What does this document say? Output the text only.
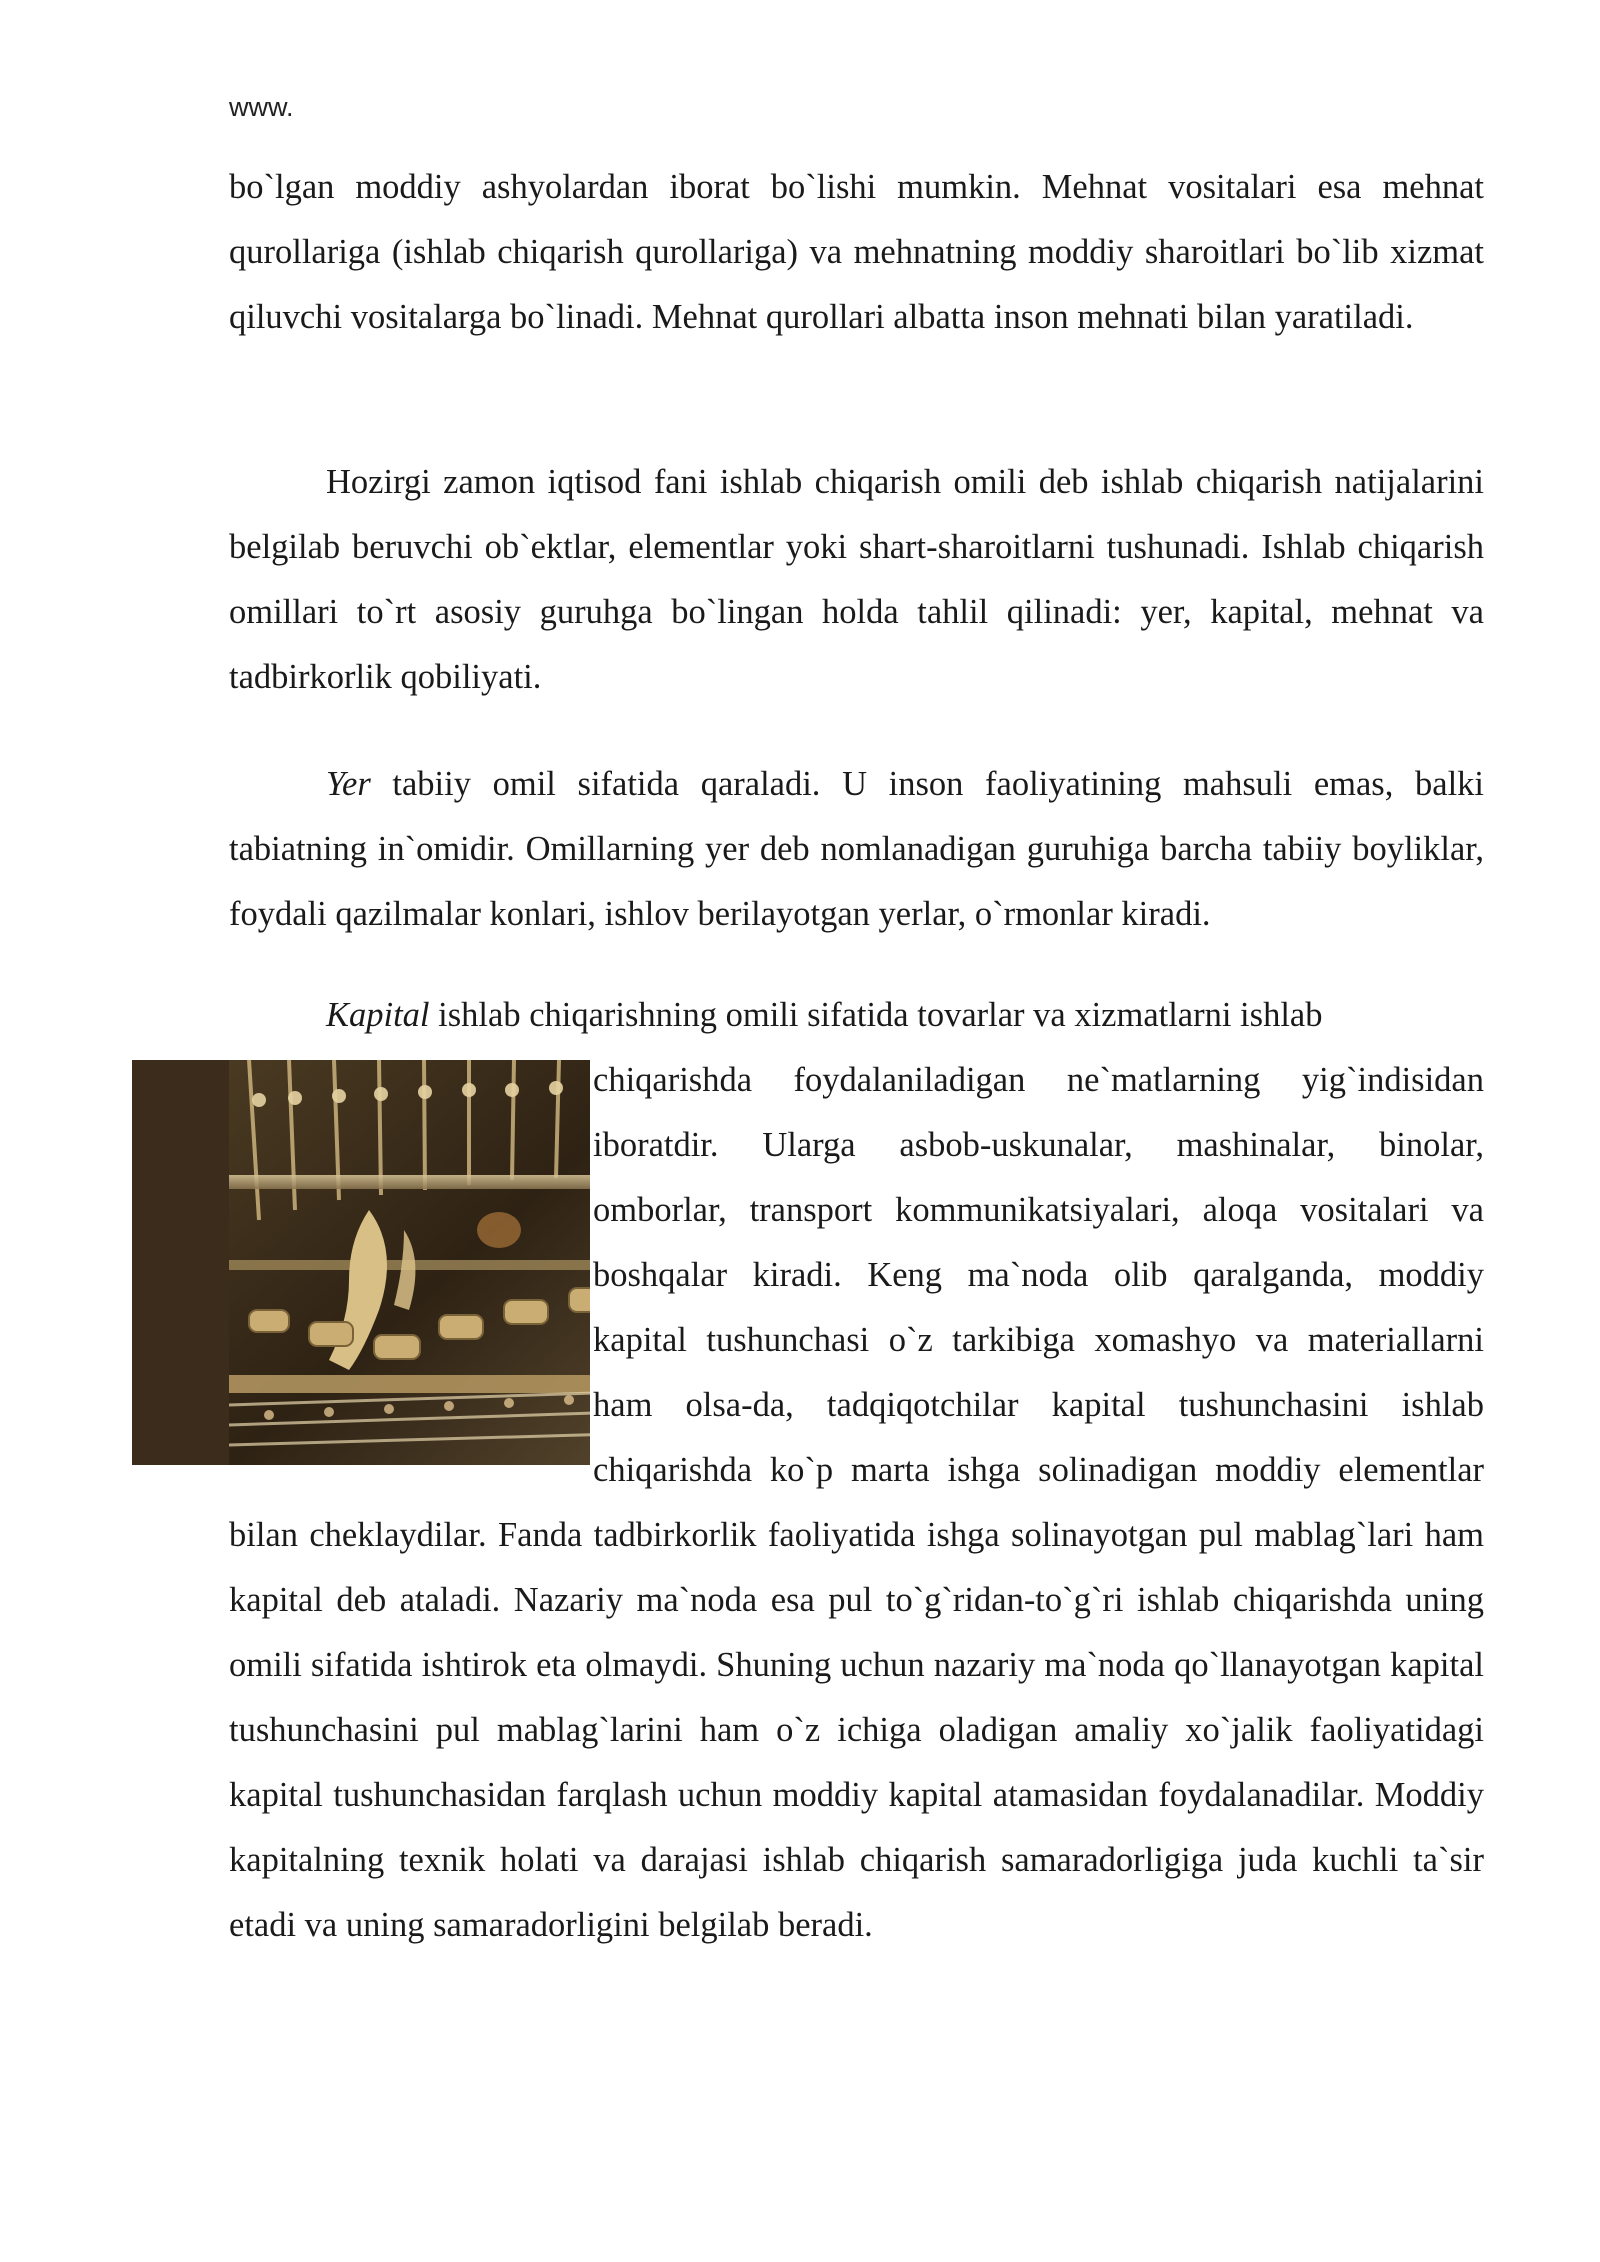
www.

bo`lgan moddiy ashyolardan iborat bo`lishi mumkin. Mehnat vositalari esa mehnat qurollariga (ishlab chiqarish qurollariga) va mehnatning moddiy sharoitlari bo`lib xizmat qiluvchi vositalarga bo`linadi. Mehnat qurollari albatta inson mehnati bilan yaratiladi.

Hozirgi zamon iqtisod fani ishlab chiqarish omili deb ishlab chiqarish natijalarini belgilab beruvchi ob`ektlar, elementlar yoki shart-sharoitlarni tushunadi. Ishlab chiqarish omillari to`rt asosiy guruhga bo`lingan holda tahlil qilinadi: yer, kapital, mehnat va tadbirkorlik qobiliyati.

Yer tabiiy omil sifatida qaraladi. U inson faoliyatining mahsuli emas, balki tabiatning in`omidir. Omillarning yer deb nomlanadigan guruhiga barcha tabiiy boyliklar, foydali qazilmalar konlari, ishlov berilayotgan yerlar, o`rmonlar kiradi.

Kapital ishlab chiqarishning omili sifatida tovarlar va xizmatlarni ishlab

chiqarishda foydalaniladigan ne`matlarning yig`indisidan iboratdir. Ularga asbob-uskunalar, mashinalar, binolar, omborlar, transport kommunikatsiyalari, aloqa vositalari va boshqalar kiradi. Keng ma`noda olib qaralganda, moddiy kapital tushunchasi o`z tarkibiga xomashyo va materiallarni ham olsa-da, tadqiqotchilar kapital tushunchasini ishlab chiqarishda ko`p marta ishga solinadigan moddiy elementlar bilan cheklaydilar. Fanda tadbirkorlik faoliyatida ishga solinayotgan pul mablag`lari ham kapital deb ataladi. Nazariy ma`noda esa pul to`g`ridan-to`g`ri ishlab chiqarishda uning omili sifatida ishtirok eta olmaydi. Shuning uchun nazariy ma`noda qo`llanayotgan kapital tushunchasini pul mablag`larini ham o`z ichiga oladigan amaliy xo`jalik faoliyatidagi kapital tushunchasidan farqlash uchun moddiy kapital atamasidan foydalanadilar. Moddiy kapitalning texnik holati va darajasi ishlab chiqarish samaradorligiga juda kuchli ta`sir etadi va uning samaradorligini belgilab beradi.
